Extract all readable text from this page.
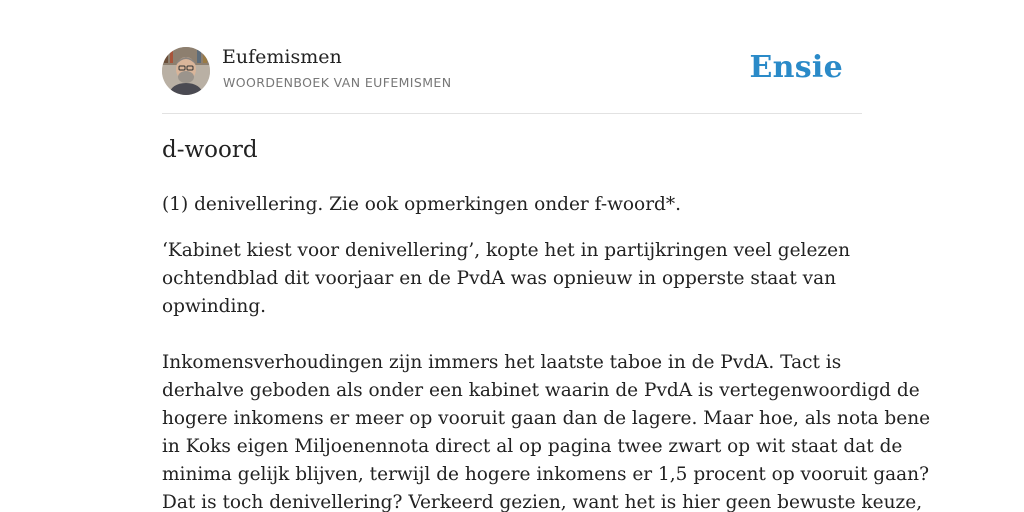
Eufemismen
WOORDENBOEK VAN EUFEMISMEN	Ensie
d-woord

(1) denivellering. Zie ook opmerkingen onder f-woord*.

‘Kabinet kiest voor denivellering’, kopte het in partijkringen veel gelezen
ochtendblad dit voorjaar en de PvdA was opnieuw in opperste staat van
opwinding.
Inkomensverhoudingen zijn immers het laatste taboe in de PvdA. Tact is
derhalve geboden als onder een kabinet waarin de PvdA is vertegenwoordigd de
hogere inkomens er meer op vooruit gaan dan de lagere. Maar hoe, als nota bene
in Koks eigen Miljoenennota direct al op pagina twee zwart op wit staat dat de
minima gelijk blijven, terwijl de hogere inkomens er 1,5 procent op vooruit gaan?
Dat is toch denivellering? Verkeerd gezien, want het is hier geen bewuste keuze,
